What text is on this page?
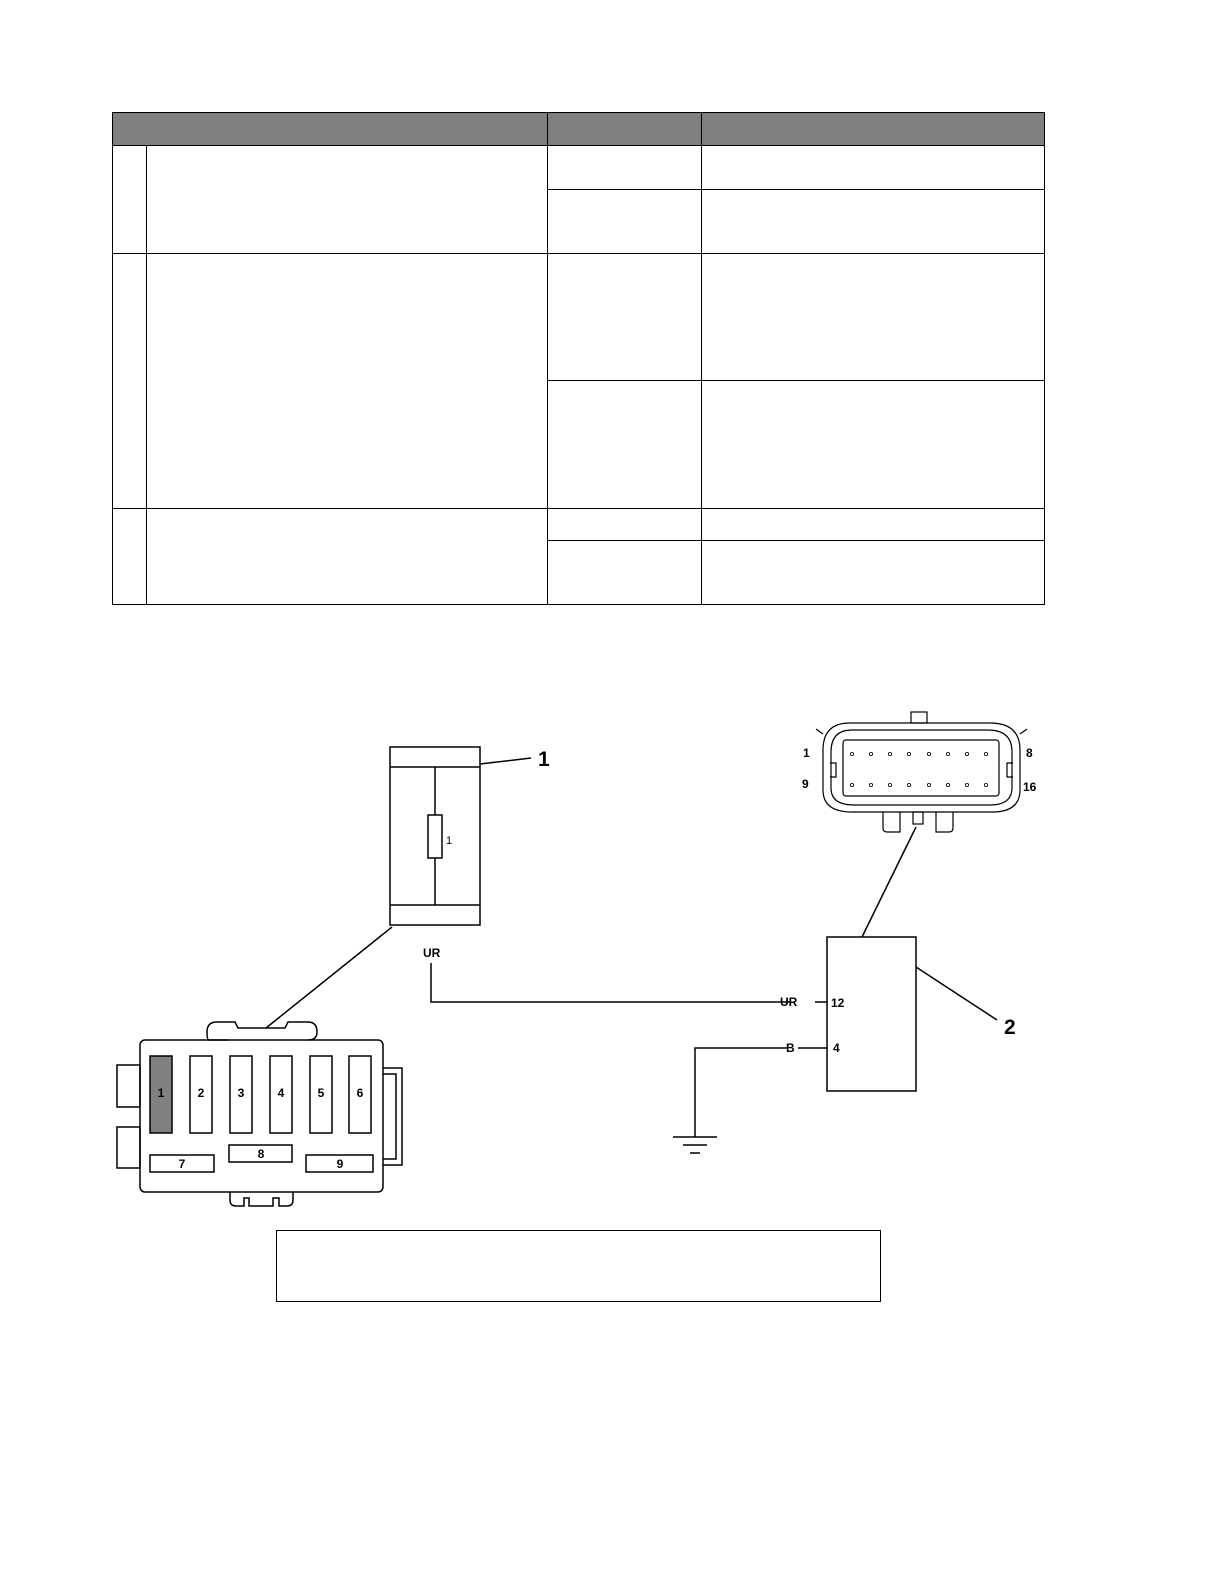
1	2	3	4	5	6
7
8
9
1
2
1
UR
UR
B
12
4
1	8
9	16
